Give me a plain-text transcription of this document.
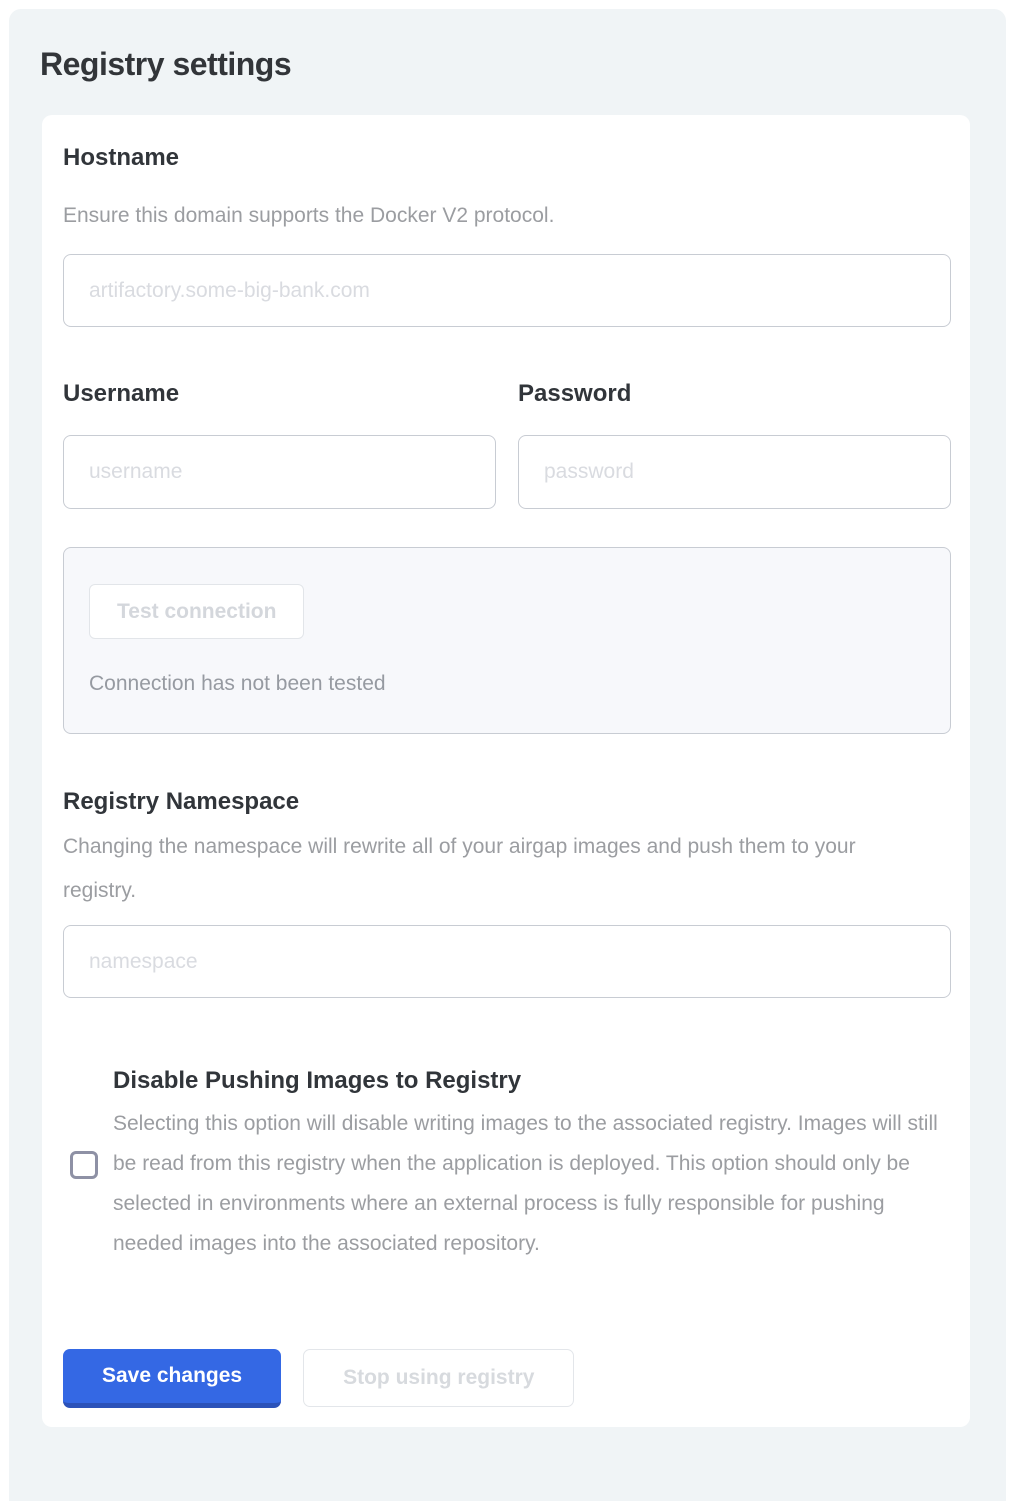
Registry settings
Hostname
Ensure this domain supports the Docker V2 protocol.
artifactory.some-big-bank.com
Username
username	Password
Test connection
Connection has not been tested
Registry Namespace
Changing the namespace will rewrite all of your airgap images and push them to your registry.
namespace
Disable Pushing Images to Registry
Selecting this option will disable writing images to the associated registry. Images will still be read from this registry when the application is deployed. This option should only be selected in environments where an external process is fully responsible for pushing needed images into the associated repository.
Save changes	Stop using registry
